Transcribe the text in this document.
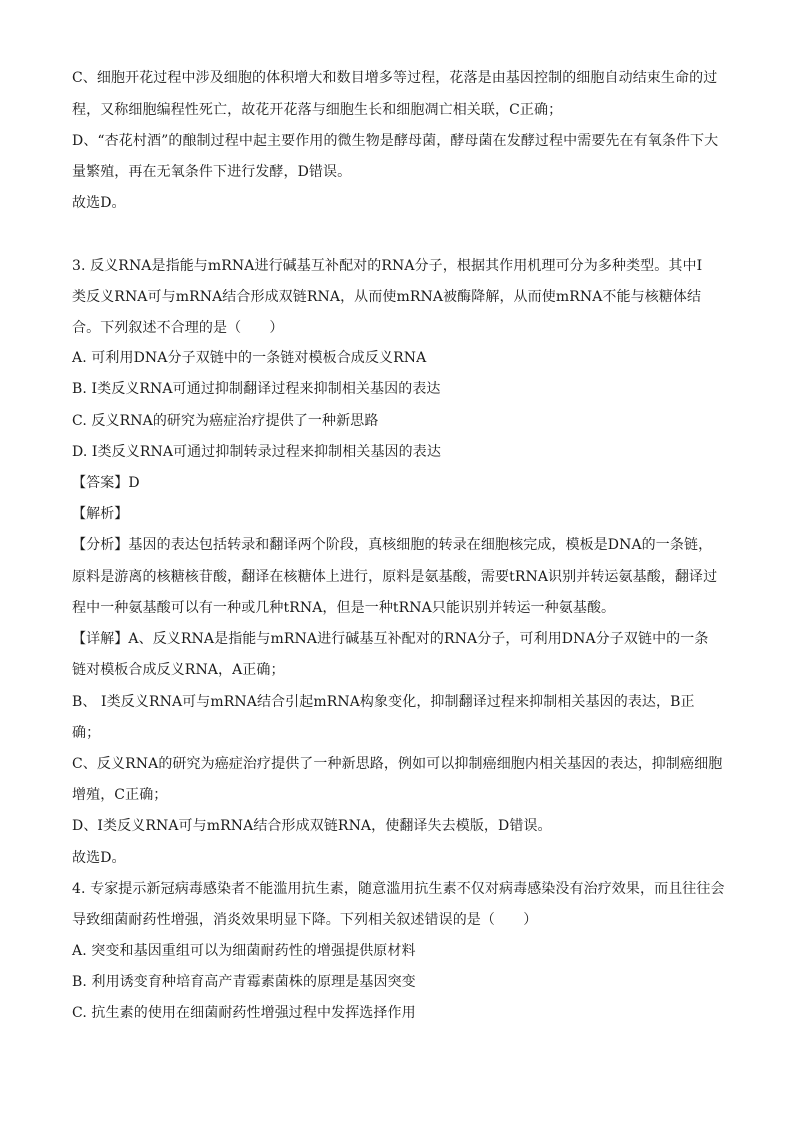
C、细胞开花过程中涉及细胞的体积增大和数目增多等过程，花落是由基因控制的细胞自动结束生命的过
程，又称细胞编程性死亡，故花开花落与细胞生长和细胞凋亡相关联，C正确；
D、“杏花村酒”的酿制过程中起主要作用的微生物是酵母菌，酵母菌在发酵过程中需要先在有氧条件下大
量繁殖，再在无氧条件下进行发酵，D错误。
故选D。
3. 反义RNA是指能与mRNA进行碱基互补配对的RNA分子，根据其作用机理可分为多种类型。其中I
类反义RNA可与mRNA结合形成双链RNA，从而使mRNA被酶降解，从而使mRNA不能与核糖体结
合。下列叙述不合理的是（　　）
A. 可利用DNA分子双链中的一条链对模板合成反义RNA
B. I类反义RNA可通过抑制翻译过程来抑制相关基因的表达
C. 反义RNA的研究为癌症治疗提供了一种新思路
D. I类反义RNA可通过抑制转录过程来抑制相关基因的表达
【答案】D
【解析】
【分析】基因的表达包括转录和翻译两个阶段，真核细胞的转录在细胞核完成，模板是DNA的一条链，
原料是游离的核糖核苷酸，翻译在核糖体上进行，原料是氨基酸，需要tRNA识别并转运氨基酸，翻译过
程中一种氨基酸可以有一种或几种tRNA，但是一种tRNA只能识别并转运一种氨基酸。
【详解】A、反义RNA是指能与mRNA进行碱基互补配对的RNA分子，可利用DNA分子双链中的一条
链对模板合成反义RNA，A正确；
B、 I类反义RNA可与mRNA结合引起mRNA构象变化，抑制翻译过程来抑制相关基因的表达，B正
确；
C、反义RNA的研究为癌症治疗提供了一种新思路，例如可以抑制癌细胞内相关基因的表达，抑制癌细胞
增殖，C正确；
D、I类反义RNA可与mRNA结合形成双链RNA，使翻译失去模版，D错误。
故选D。
4. 专家提示新冠病毒感染者不能滥用抗生素，随意滥用抗生素不仅对病毒感染没有治疗效果，而且往往会
导致细菌耐药性增强，消炎效果明显下降。下列相关叙述错误的是（　　）
A. 突变和基因重组可以为细菌耐药性的增强提供原材料
B. 利用诱变育种培育高产青霉素菌株的原理是基因突变
C. 抗生素的使用在细菌耐药性增强过程中发挥选择作用
